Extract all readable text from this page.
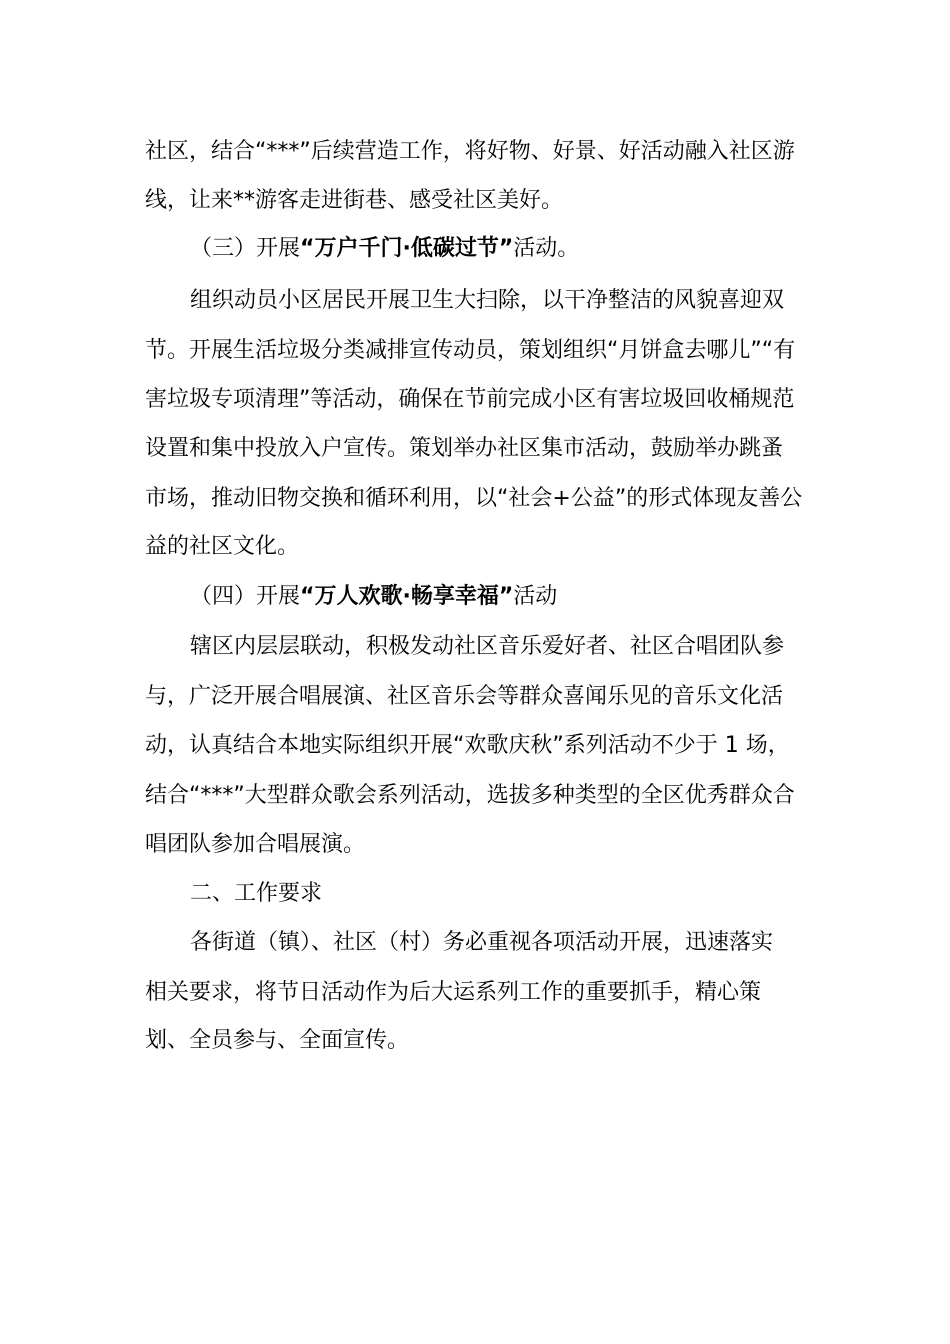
社区，结合“***”后续营造工作，将好物、好景、好活动融入社区游
线，让来**游客走进街巷、感受社区美好。
（三）开展“万户千门·低碳过节”活动。
组织动员小区居民开展卫生大扫除，以干净整洁的风貌喜迎双
节。开展生活垃圾分类减排宣传动员，策划组织“月饼盒去哪儿”“有
害垃圾专项清理”等活动，确保在节前完成小区有害垃圾回收桶规范
设置和集中投放入户宣传。策划举办社区集市活动，鼓励举办跳蚤
市场，推动旧物交换和循环利用，以“社会+公益”的形式体现友善公
益的社区文化。
（四）开展“万人欢歌·畅享幸福”活动
辖区内层层联动，积极发动社区音乐爱好者、社区合唱团队参
与，广泛开展合唱展演、社区音乐会等群众喜闻乐见的音乐文化活
动，认真结合本地实际组织开展“欢歌庆秋”系列活动不少于 1 场，
结合“***”大型群众歌会系列活动，选拔多种类型的全区优秀群众合
唱团队参加合唱展演。
二、工作要求
各街道（镇）、社区（村）务必重视各项活动开展，迅速落实
相关要求，将节日活动作为后大运系列工作的重要抓手，精心策
划、全员参与、全面宣传。
